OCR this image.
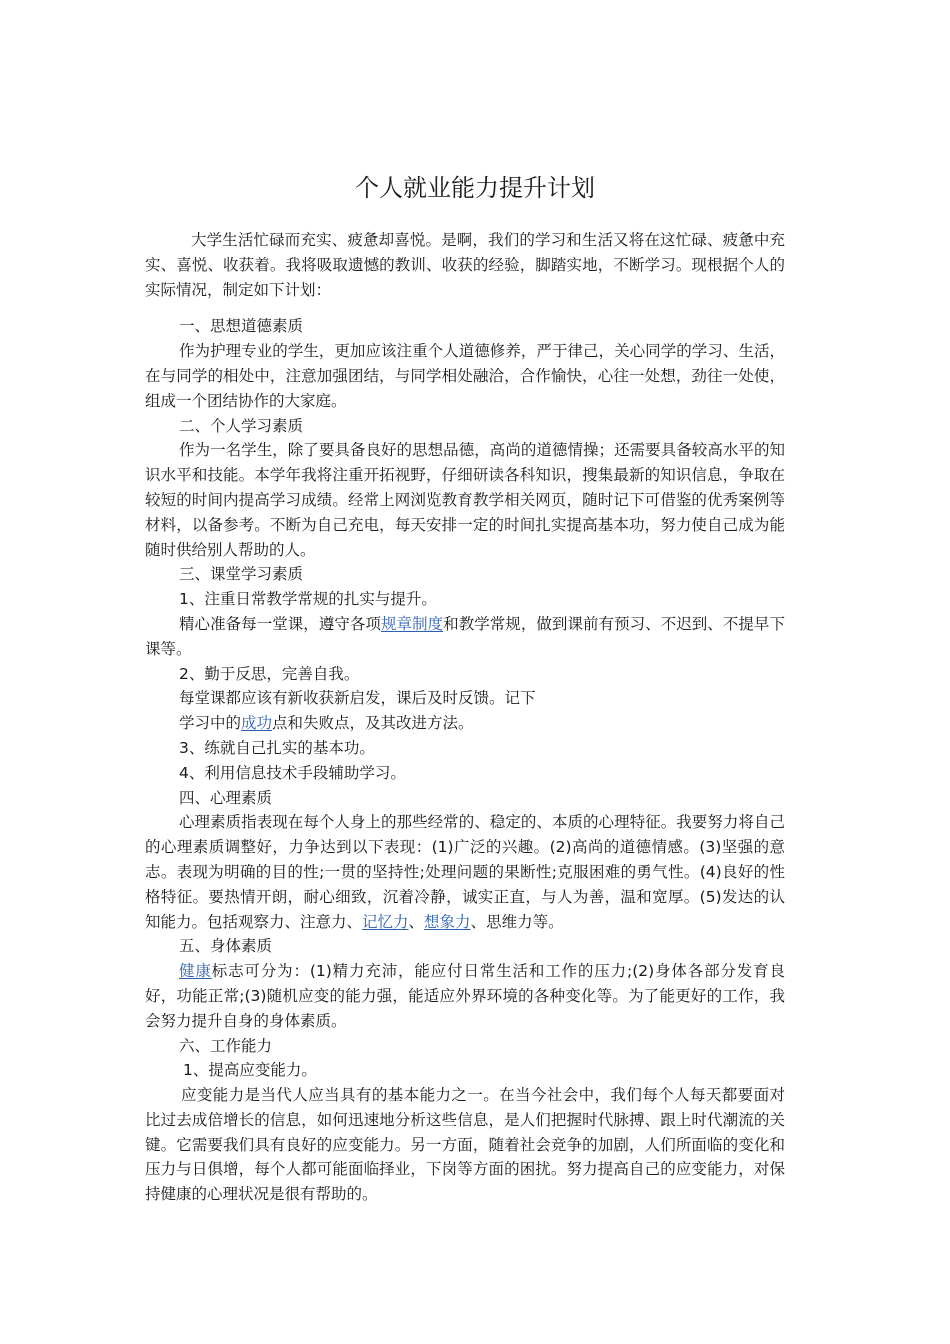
个人就业能力提升计划

大学生活忙碌而充实、疲惫却喜悦。是啊，我们的学习和生活又将在这忙碌、疲惫中充实、喜悦、收获着。我将吸取遗憾的教训、收获的经验，脚踏实地，不断学习。现根据个人的实际情况，制定如下计划：

一、思想道德素质

作为护理专业的学生，更加应该注重个人道德修养，严于律己，关心同学的学习、生活，在与同学的相处中，注意加强团结，与同学相处融洽，合作愉快，心往一处想，劲往一处使，组成一个团结协作的大家庭。

二、个人学习素质

作为一名学生，除了要具备良好的思想品德，高尚的道德情操；还需要具备较高水平的知识水平和技能。本学年我将注重开拓视野，仔细研读各科知识，搜集最新的知识信息，争取在较短的时间内提高学习成绩。经常上网浏览教育教学相关网页，随时记下可借鉴的优秀案例等材料，以备参考。不断为自己充电，每天安排一定的时间扎实提高基本功，努力使自己成为能随时供给别人帮助的人。

三、课堂学习素质

1、注重日常教学常规的扎实与提升。

精心准备每一堂课，遵守各项规章制度和教学常规，做到课前有预习、不迟到、不提早下课等。

2、勤于反思，完善自我。

每堂课都应该有新收获新启发，课后及时反馈。记下

学习中的成功点和失败点，及其改进方法。

3、练就自己扎实的基本功。

4、利用信息技术手段辅助学习。

四、心理素质

心理素质指表现在每个人身上的那些经常的、稳定的、本质的心理特征。我要努力将自己的心理素质调整好，力争达到以下表现：(1)广泛的兴趣。(2)高尚的道德情感。(3)坚强的意志。表现为明确的目的性;一贯的坚持性;处理问题的果断性;克服困难的勇气性。(4)良好的性格特征。要热情开朗，耐心细致，沉着冷静，诚实正直，与人为善，温和宽厚。(5)发达的认知能力。包括观察力、注意力、记忆力、想象力、思维力等。

五、身体素质

健康标志可分为：(1)精力充沛，能应付日常生活和工作的压力;(2)身体各部分发育良好，功能正常;(3)随机应变的能力强，能适应外界环境的各种变化等。为了能更好的工作，我会努力提升自身的身体素质。

六、工作能力

1、提高应变能力。

应变能力是当代人应当具有的基本能力之一。在当今社会中，我们每个人每天都要面对比过去成倍增长的信息，如何迅速地分析这些信息，是人们把握时代脉搏、跟上时代潮流的关键。它需要我们具有良好的应变能力。另一方面，随着社会竞争的加剧，人们所面临的变化和压力与日俱增，每个人都可能面临择业，下岗等方面的困扰。努力提高自己的应变能力，对保持健康的心理状况是很有帮助的。
